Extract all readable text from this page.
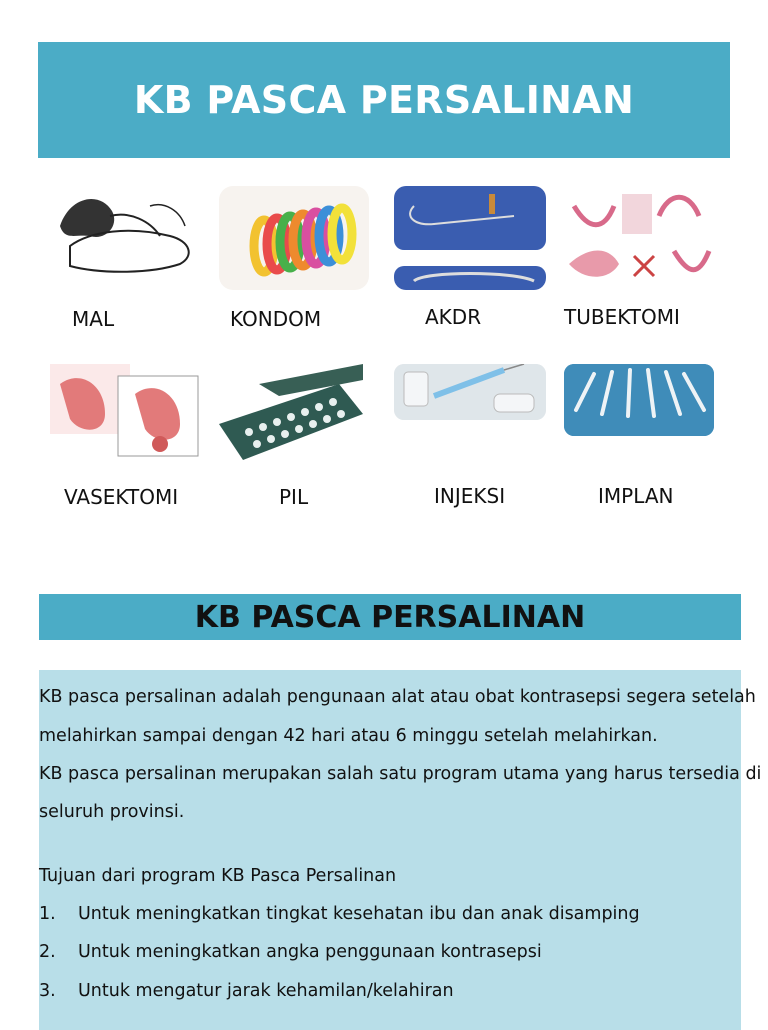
KB PASCA PERSALINAN
MAL	KONDOM	AKDR	TUBEKTOMI
VASEKTOMI	PIL	INJEKSI	IMPLAN
KB PASCA PERSALINAN
KB pasca persalinan adalah pengunaan alat atau obat kontrasepsi segera setelah
melahirkan sampai dengan 42 hari atau 6 minggu setelah melahirkan.
KB pasca persalinan merupakan salah satu program utama yang harus tersedia di
seluruh provinsi.
Tujuan dari program KB Pasca Persalinan
1. Untuk meningkatkan tingkat kesehatan ibu dan anak disamping
2. Untuk meningkatkan angka penggunaan kontrasepsi
3. Untuk mengatur jarak kehamilan/kelahiran
